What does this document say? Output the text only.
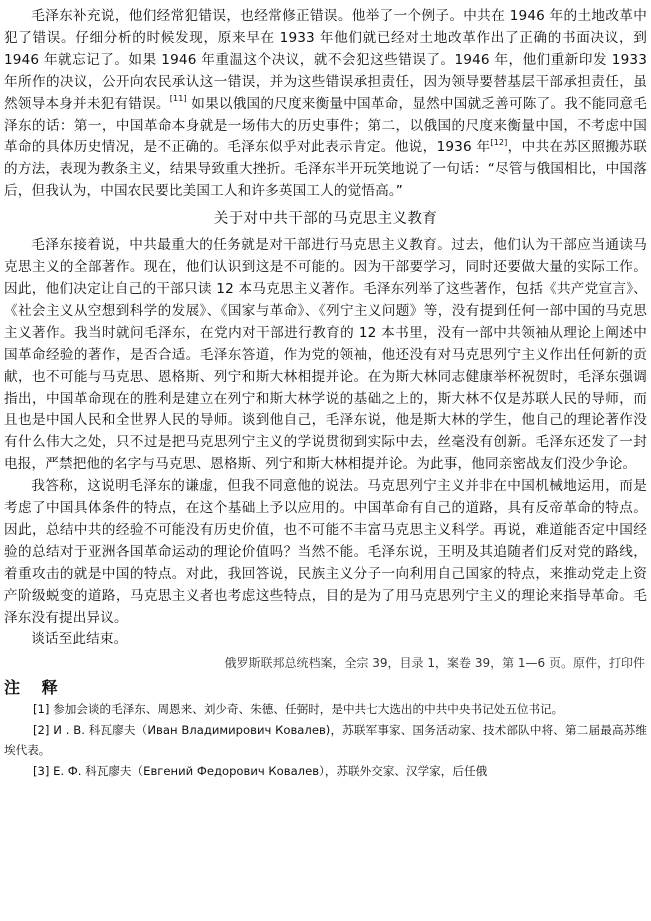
毛泽东补充说，他们经常犯错误，也经常修正错误。他举了一个例子。中共在 1946 年的土地改革中犯了错误。仔细分析的时候发现，原来早在 1933 年他们就已经对土地改革作出了正确的书面决议，到 1946 年就忘记了。如果 1946 年重温这个决议，就不会犯这些错误了。1946 年，他们重新印发 1933 年所作的决议，公开向农民承认这一错误，并为这些错误承担责任，因为领导要替基层干部承担责任，虽然领导本身并未犯有错误。[11] 如果以俄国的尺度来衡量中国革命，显然中国就乏善可陈了。我不能同意毛泽东的话：第一，中国革命本身就是一场伟大的历史事件；第二，以俄国的尺度来衡量中国，不考虑中国革命的具体历史情况，是不正确的。毛泽东似乎对此表示肯定。他说，1936 年[12]，中共在苏区照搬苏联的方法，表现为教条主义，结果导致重大挫折。毛泽东半开玩笑地说了一句话：“尽管与俄国相比，中国落后，但我认为，中国农民要比美国工人和许多英国工人的觉悟高。”

关于对中共干部的马克思主义教育

毛泽东接着说，中共最重大的任务就是对干部进行马克思主义教育。过去，他们认为干部应当通读马克思主义的全部著作。现在，他们认识到这是不可能的。因为干部要学习，同时还要做大量的实际工作。因此，他们决定让自己的干部只读 12 本马克思主义著作。毛泽东列举了这些著作，包括《共产党宣言》、《社会主义从空想到科学的发展》、《国家与革命》、《列宁主义问题》等，没有提到任何一部中国的马克思主义著作。我当时就问毛泽东，在党内对干部进行教育的 12 本书里，没有一部中共领袖从理论上阐述中国革命经验的著作，是否合适。毛泽东答道，作为党的领袖，他还没有对马克思列宁主义作出任何新的贡献，也不可能与马克思、恩格斯、列宁和斯大林相提并论。在为斯大林同志健康举杯祝贺时，毛泽东强调指出，中国革命现在的胜利是建立在列宁和斯大林学说的基础之上的，斯大林不仅是苏联人民的导师，而且也是中国人民和全世界人民的导师。谈到他自己，毛泽东说，他是斯大林的学生，他自己的理论著作没有什么伟大之处，只不过是把马克思列宁主义的学说贯彻到实际中去，丝毫没有创新。毛泽东还发了一封电报，严禁把他的名字与马克思、恩格斯、列宁和斯大林相提并论。为此事，他同亲密战友们没少争论。

我答称，这说明毛泽东的谦虚，但我不同意他的说法。马克思列宁主义并非在中国机械地运用，而是考虑了中国具体条件的特点，在这个基础上予以应用的。中国革命有自己的道路，具有反帝革命的特点。因此，总结中共的经验不可能没有历史价值，也不可能不丰富马克思主义科学。再说，难道能否定中国经验的总结对于亚洲各国革命运动的理论价值吗？当然不能。毛泽东说，王明及其追随者们反对党的路线，着重攻击的就是中国的特点。对此，我回答说，民族主义分子一向利用自己国家的特点，来推动党走上资产阶级蜕变的道路，马克思主义者也考虑这些特点，目的是为了用马克思列宁主义的理论来指导革命。毛泽东没有提出异议。

谈话至此结束。

俄罗斯联邦总统档案，全宗 39，目录 1，案卷 39，第 1—6 页。原件，打印件

注 释

[1] 参加会谈的毛泽东、周恩来、刘少奇、朱德、任弼时，是中共七大选出的中共中央书记处五位书记。

[2] И . В. 科瓦廖夫（Иван Владимирович Ковалев)，苏联军事家、国务活动家、技术部队中将、第二届最高苏维埃代表。

[3] Е. Ф. 科瓦廖夫（Евгений Федорович Ковалев），苏联外交家、汉学家，后任俄
